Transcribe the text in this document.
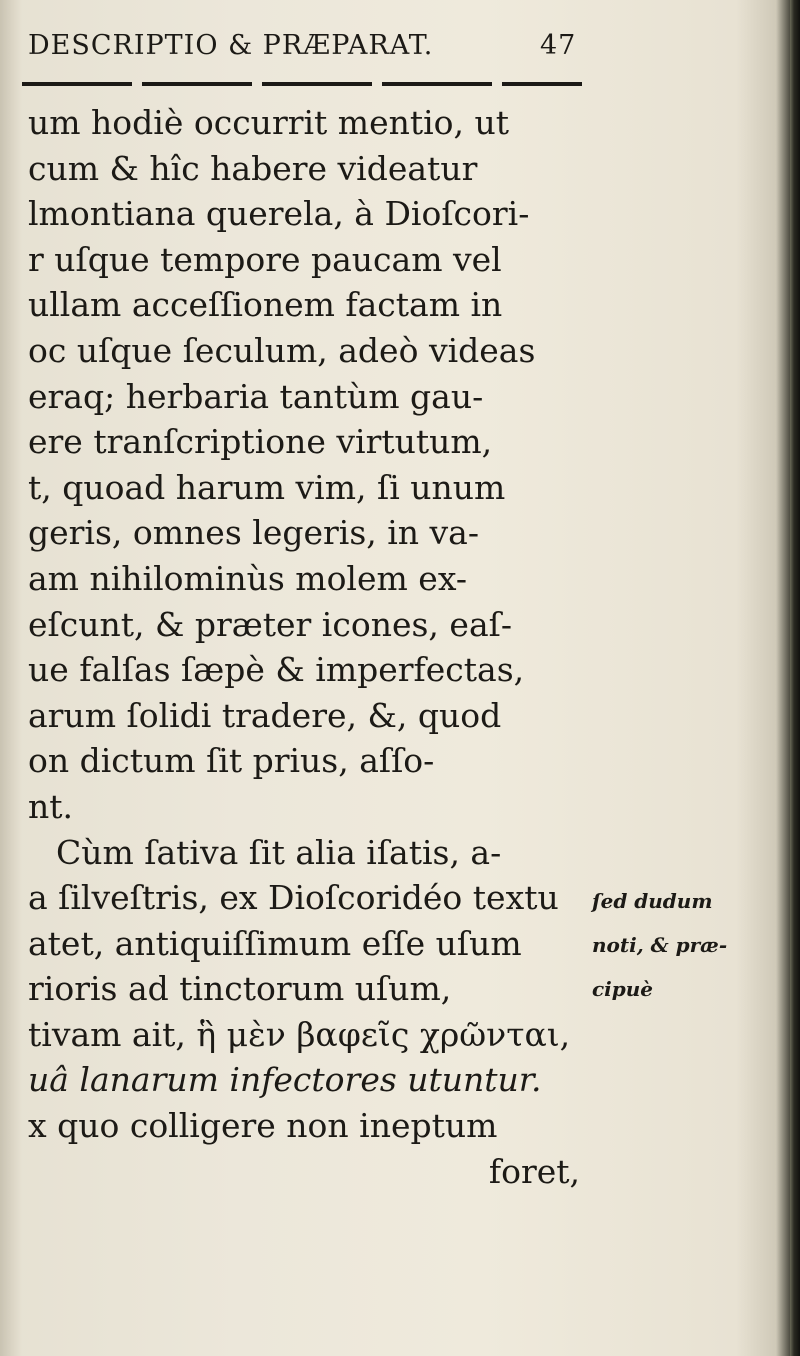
DESCRIPTIO & PRÆPARAT.	47
um hodiè occurrit mentio, ut
cum & hîc habere videatur
lmontiana querela, à Dioſcori-
r uſque tempore paucam vel
ullam acceſſionem factam in
oc uſque ſeculum, adeò videas
eraq; herbaria tantùm gau-
ere tranſcriptione virtutum,
t, quoad harum vim, ſi unum
geris, omnes legeris, in va-
am nihilominùs molem ex-
eſcunt, & præter icones, eaſ-
ue falſas ſæpè & imperfectas,
arum ſolidi tradere, &, quod
on dictum ſit prius, aſſo-
nt.
Cùm ſativa ſit alia iſatis, a-
a ſilveſtris, ex Dioſcoridéo textu
atet, antiquiſſimum eſſe uſum
rioris ad tinctorum uſum,
tivam ait, ἣ μὲν βαφεῖς χρῶνται,
uâ lanarum infectores utuntur.
x quo colligere non ineptum
foret,
ſed dudum
noti, & præ-
cipuè
